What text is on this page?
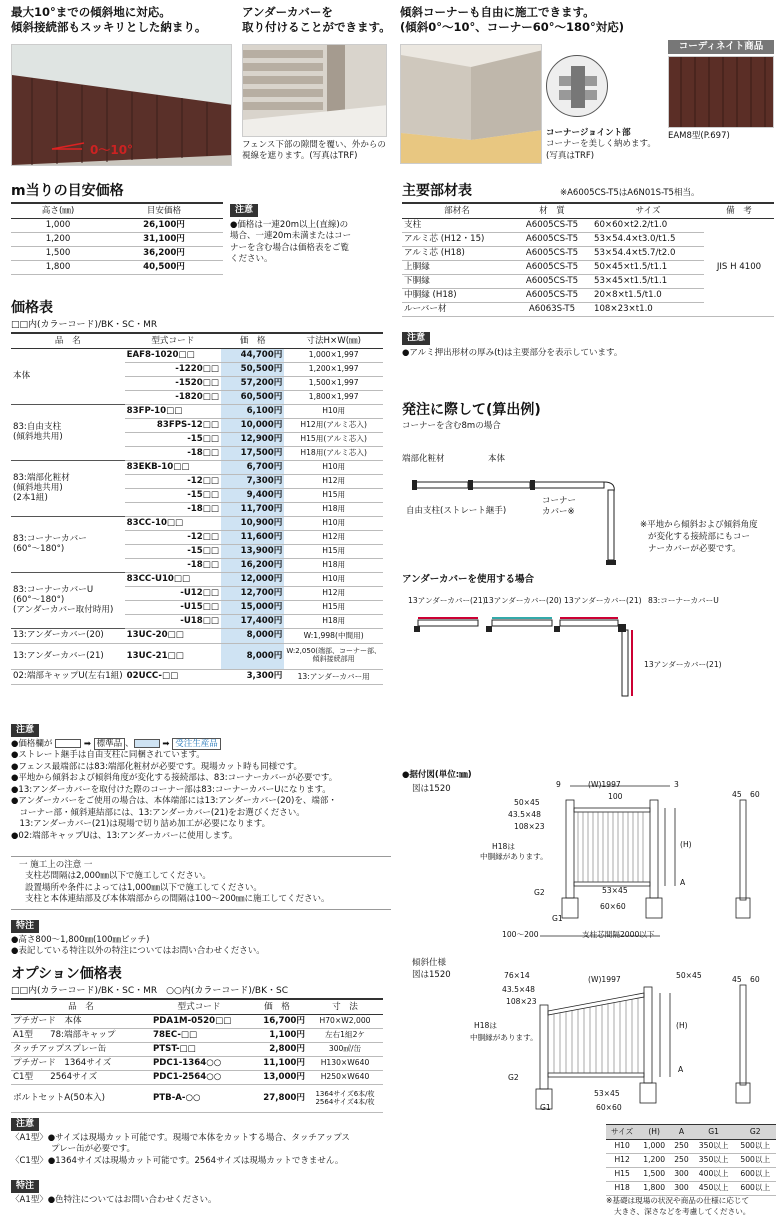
最大10°までの傾斜地に対応。
傾斜接続部もスッキリとした納まり。
0〜10°
アンダーカバーを
取り付けることができます。
フェンス下部の隙間を覆い、外からの
視線を遮ります。(写真はTRF)
傾斜コーナーも自由に施工できます。
(傾斜0°〜10°、コーナー60°〜180°対応)
コーナージョイント部
コーナーを美しく納めます。
(写真はTRF)
コーディネイト商品
EAM8型(P.697)
m当りの目安価格
高さ(㎜)	目安価格
1,000	26,100円
1,200	31,100円
1,500	36,200円
1,800	40,500円
注意
●価格は一連20m以上(直線)の
場合、一連20m未満またはコー
ナーを含む場合は価格表をご覧
ください。
価格表
□□内(カラーコード)/BK・SC・MR
品　名	型式コード	価　格	寸法H×W(㎜)

本体	EAF8-1020□□	44,700円	1,000×1,997
	-1220□□	50,500円	1,200×1,997
	-1520□□	57,200円	1,500×1,997
	-1820□□	60,500円	1,800×1,997

83:自由支柱
(傾斜地共用)	83FP-10□□	6,100円	H10用
	83FPS-12□□	10,000円	H12用(アルミ芯入)
	-15□□	12,900円	H15用(アルミ芯入)
	-18□□	17,500円	H18用(アルミ芯入)

83:端部化粧材
(傾斜地共用)
(2本1組)	83EKB-10□□	6,700円	H10用
	-12□□	7,300円	H12用
	-15□□	9,400円	H15用
	-18□□	11,700円	H18用

83:コーナーカバー
(60°〜180°)	83CC-10□□	10,900円	H10用
	-12□□	11,600円	H12用
	-15□□	13,900円	H15用
	-18□□	16,200円	H18用

83:コーナーカバーU
(60°〜180°)
(アンダーカバー取付時用)	83CC-U10□□	12,000円	H10用
	-U12□□	12,700円	H12用
	-U15□□	15,000円	H15用
	-U18□□	17,400円	H18用
13:アンダーカバー(20)	13UC-20□□	8,000円	W:1,998(中間用)
13:アンダーカバー(21)	13UC-21□□	8,000円	W:2,050(端部、コーナー部、
傾斜接続部用

02:端部キャップU(左右1組)	02UCC-□□	3,300円	13:アンダーカバー用
注意
●価格欄が	➡ 標準品 、	➡ 受注生産品
●ストレート継手は自由支柱に同梱されています。
●フェンス最端部には83:端部化粧材が必要です。現場カット時も同様です。
●平地から傾斜および傾斜角度が変化する接続部は、83:コーナーカバーが必要です。
●13:アンダーカバーを取付けた際のコーナー部は83:コーナーカバーUになります。
●アンダーカバーをご使用の場合は、本体端部には13:アンダーカバー(20)を、端部・
　コーナー部・傾斜連結部には、13:アンダーカバー(21)をお選びください。
　13:アンダーカバー(21)は現場で切り詰め加工が必要になります。
●02:端部キャップUは、13:アンダーカバーに使用します。
一 施工上の注意 一
支柱芯間隔は2,000㎜以下で施工してください。
設置場所や条件によっては1,000㎜以下で施工してください。
支柱と本体連結部及び本体端部からの間隔は100〜200㎜に施工してください。
特注
●高さ800〜1,800㎜(100㎜ピッチ)
●表記している特注以外の特注についてはお問い合わせください。
オプション価格表
□□内(カラーコード)/BK・SC・MR　○○内(カラーコード)/BK・SC
品　名	型式コード	価　格	寸　法
プチガード　本体	PDA1M-0520□□	16,700円	H70×W2,000
A1型　　78:端部キャップ	78EC-□□	1,100円	左右1組2ケ
タッチアップスプレー缶	PTST-□□	2,800円	300㎖/缶
プチガード　1364サイズ	PDC1-1364○○	11,100円	H130×W640
C1型　　2564サイズ	PDC1-2564○○	13,000円	H250×W640
ボルトセットA(50本入)	PTB-A-○○	27,800円	1364サイズ6本/枚
2564サイズ4本/枚
注意
〈A1型〉●サイズは現場カット可能です。現場で本体をカットする場合、タッチアップス
プレー缶が必要です。
〈C1型〉●1364サイズは現場カット可能です。2564サイズは現場カットできません。
特注
〈A1型〉●色特注についてはお問い合わせください。
主要部材表	※A6005CS-T5はA6N01S-T5相当。
部材名	材　質	サイズ	備　考
支柱	A6005CS-T5	60×60×t2.2/t1.0	JIS H 4100
アルミ芯 (H12・15)	A6005CS-T5	53×54.4×t3.0/t1.5	
アルミ芯 (H18)	A6005CS-T5	53×54.4×t5.7/t2.0	
上胴縁	A6005CS-T5	50×45×t1.5/t1.1	
下胴縁	A6005CS-T5	53×45×t1.5/t1.1	
中胴縁 (H18)	A6005CS-T5	20×8×t1.5/t1.0	
ルーバー材	A6063S-T5	108×23×t1.0	
注意
●アルミ押出形材の厚み(t)は主要部分を表示しています。
発注に際して(算出例)
コーナーを含む8mの場合
端部化粧材	本体
コーナー
カバー※
自由支柱(ストレート継手)
※平地から傾斜および傾斜角度
が変化する接続部にもコー
ナーカバーが必要です。
アンダーカバーを使用する場合
13アンダーカバー(21)
13アンダーカバー(20) 13アンダーカバー(21) 83:コーナーカバーU
13アンダーカバー(21)
●据付図(単位:㎜)
図は1520	9	(W)1997	3
100
50×45
43.5×48
108×23
H18は
中胴縁があります。
(H)
A
G2	53×45
G1
60×60
100〜200	支柱芯間隔2000以下
45 60
傾斜仕様
図は1520	76×14	(W)1997	50×45
43.5×48
108×23
H18は
中胴縁があります。
(H)
A
G2
53×45
G1	60×60
45 60
サイズ	(H)	A	G1	G2
H10	1,000	250	350以上	500以上
H12	1,200	250	350以上	500以上
H15	1,500	300	400以上	600以上
H18	1,800	300	450以上	600以上
※基礎は現場の状況や商品の仕様に応じて
大きさ、深さなどを考慮してください。
